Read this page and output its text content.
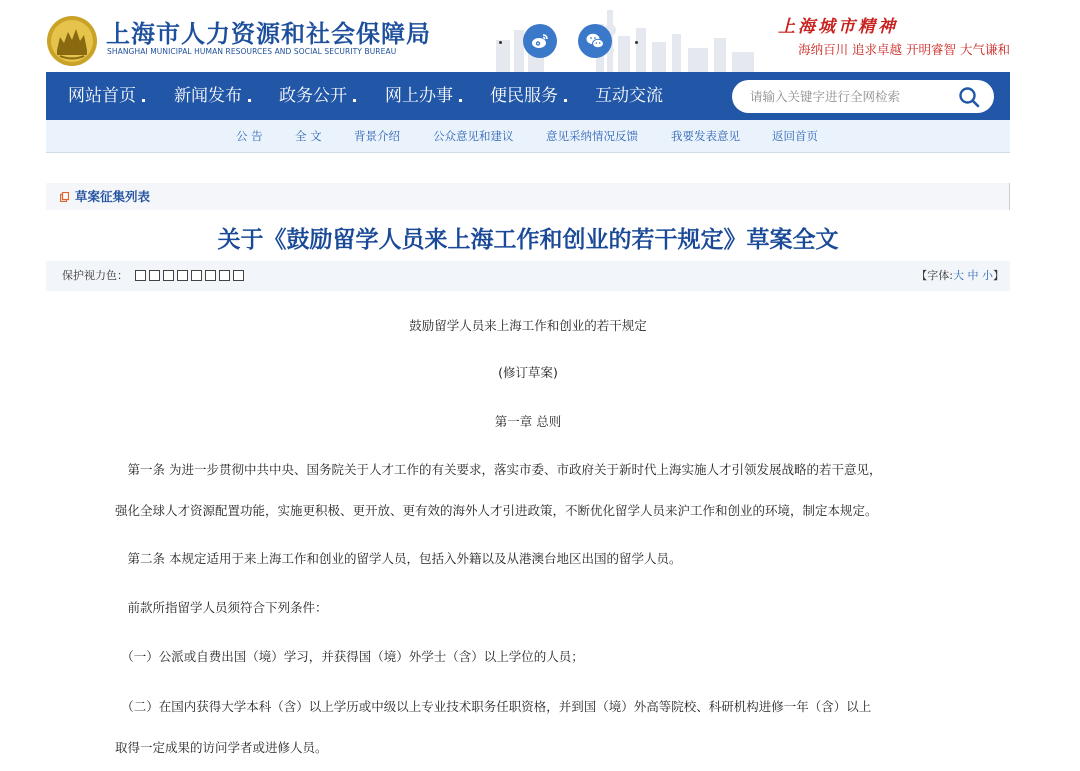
上海市人力资源和社会保障局
SHANGHAI MUNICIPAL HUMAN RESOURCES AND SOCIAL SECURITY BUREAU
上海城市精神
海纳百川 追求卓越 开明睿智 大气谦和
网站首页 新闻发布 政务公开 网上办事 便民服务 互动交流
请输入关键字进行全网检索
公 告	全 文	背景介绍	公众意见和建议	意见采纳情况反馈	我要发表意见	返回首页
草案征集列表
关于《鼓励留学人员来上海工作和创业的若干规定》草案全文
保护视力色：	【字体:大 中 小】
鼓励留学人员来上海工作和创业的若干规定
(修订草案)
第一章 总则
　第一条 为进一步贯彻中共中央、国务院关于人才工作的有关要求，落实市委、市政府关于新时代上海实施人才引领发展战略的若干意见，
强化全球人才资源配置功能，实施更积极、更开放、更有效的海外人才引进政策，不断优化留学人员来沪工作和创业的环境，制定本规定。
　第二条 本规定适用于来上海工作和创业的留学人员，包括入外籍以及从港澳台地区出国的留学人员。
　前款所指留学人员须符合下列条件：
　（一）公派或自费出国（境）学习，并获得国（境）外学士（含）以上学位的人员；
　（二）在国内获得大学本科（含）以上学历或中级以上专业技术职务任职资格，并到国（境）外高等院校、科研机构进修一年（含）以上
取得一定成果的访问学者或进修人员。
